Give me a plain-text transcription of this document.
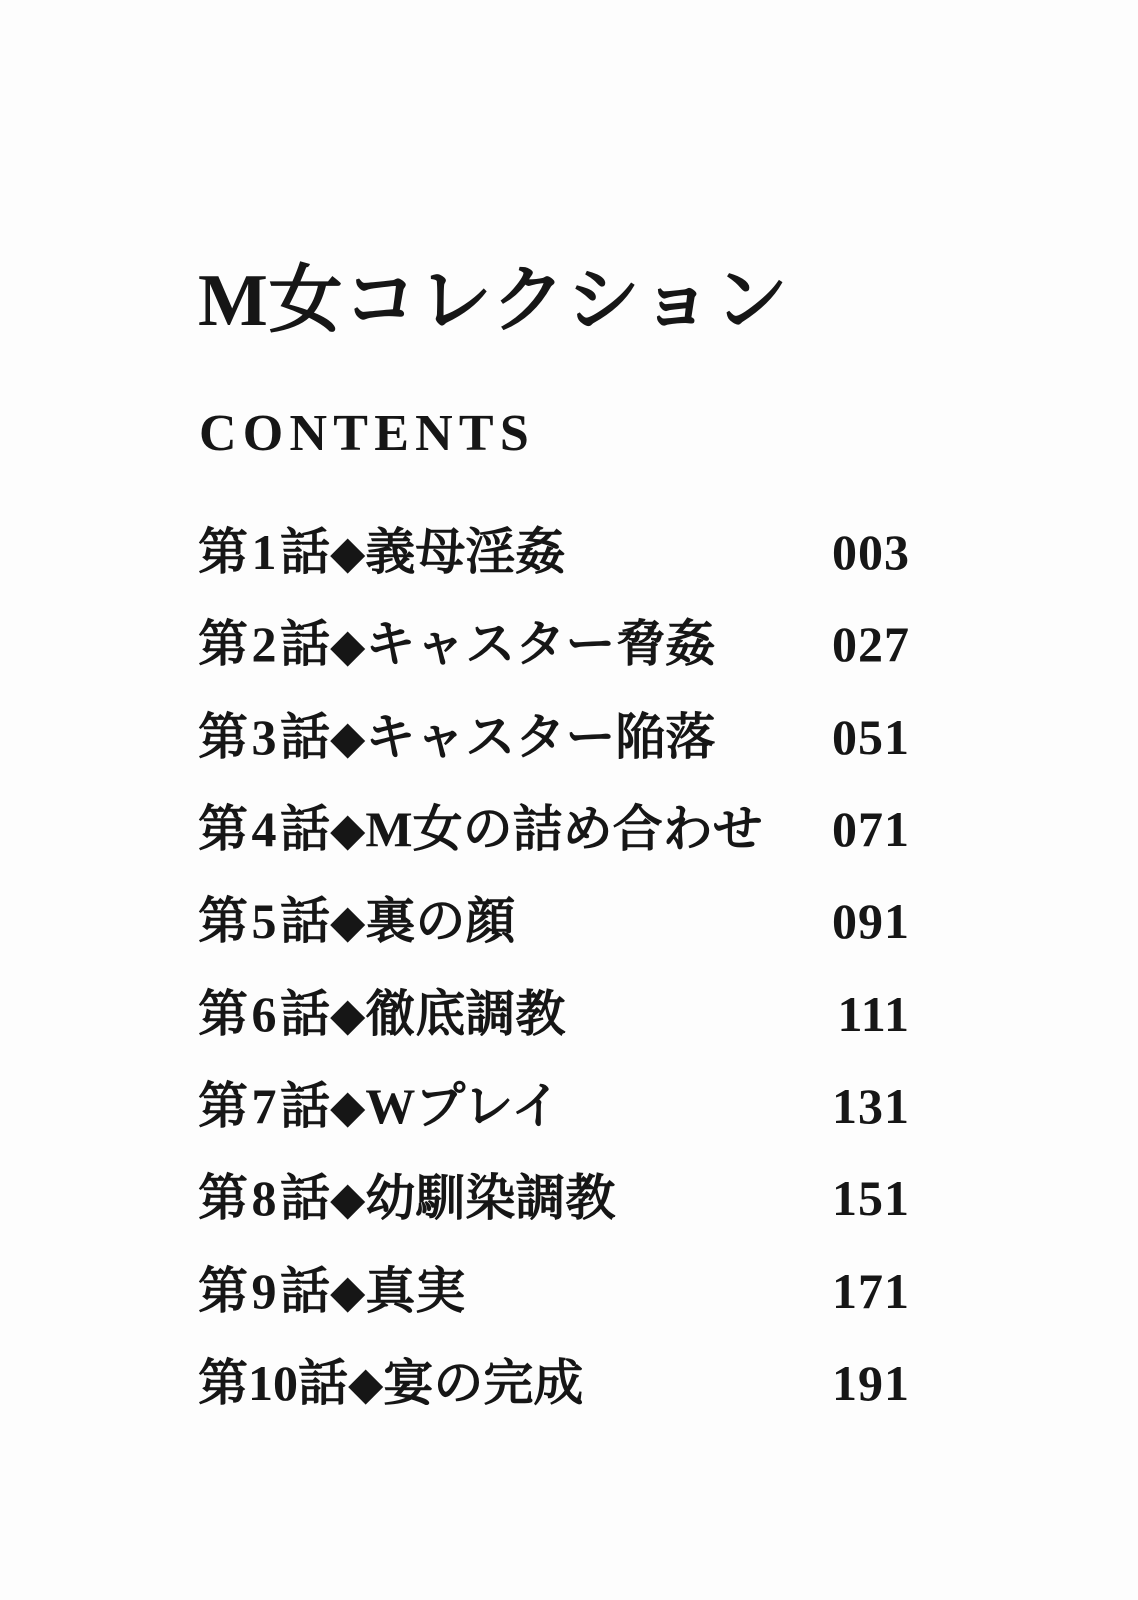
M女コレクション
CONTENTS
第 1 話 ◆ 義母淫姦	003
第 2 話 ◆ キャスター脅姦 027
第 3 話 ◆ キャスター陥落 051
第 4 話 ◆ M女の詰め合わせ 071
第 5 話 ◆ 裏の顔	091
第 6 話 ◆ 徹底調教	111
第 7 話 ◆ Wプレイ	131
第 8 話 ◆ 幼馴染調教	151
第 9 話 ◆ 真実	171
第 10 話 ◆ 宴の完成	191
